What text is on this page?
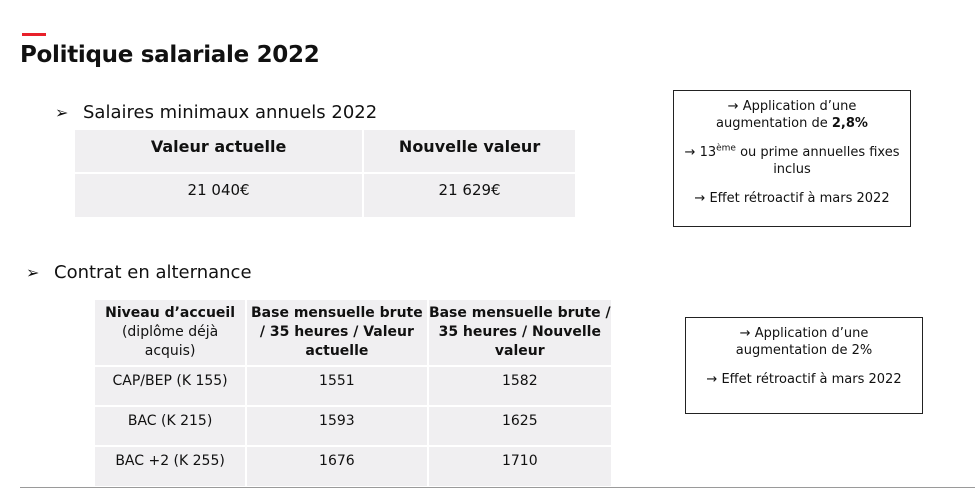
Politique salariale 2022
➢ Salaires minimaux annuels 2022
Valeur actuelle	Nouvelle valeur
21 040€	21 629€
→ Application d’une
augmentation de 2,8%
→ 13ème ou prime annuelles fixes
inclus
→ Effet rétroactif à mars 2022
➢ Contrat en alternance
Niveau d’accueil
(diplôme déjà acquis)	Base mensuelle brute / 35 heures / Valeur actuelle	Base mensuelle brute / 35 heures / Nouvelle valeur
CAP/BEP (K 155)	1551	1582
BAC (K 215)	1593	1625
BAC +2 (K 255)	1676	1710
→ Application d’une
augmentation de 2%
→ Effet rétroactif à mars 2022
